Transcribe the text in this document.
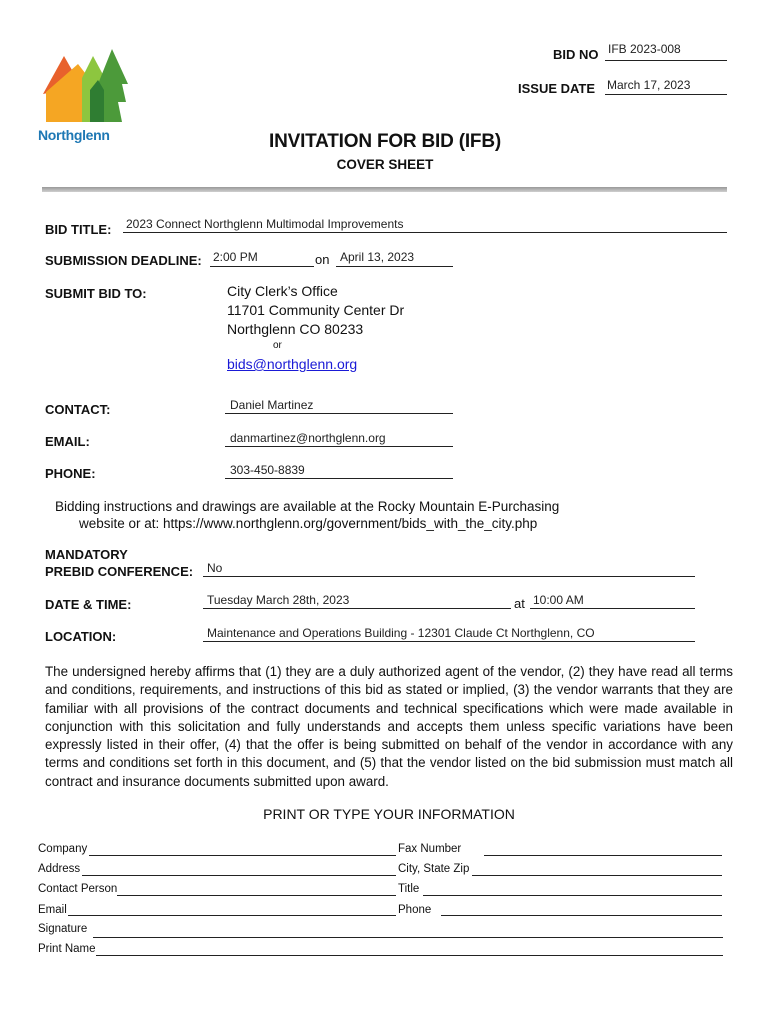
Northglenn
BID NO IFB 2023-008
ISSUE DATE March 17, 2023
INVITATION FOR BID (IFB)
COVER SHEET
BID TITLE: 2023 Connect Northglenn Multimodal Improvements
SUBMISSION DEADLINE: 2:00 PM	on April 13, 2023
SUBMIT BID TO:	City Clerk’s Office
11701 Community Center Dr
Northglenn CO 80233
or
bids@northglenn.org
CONTACT:	Daniel Martinez
EMAIL:	danmartinez@northglenn.org
PHONE:	303-450-8839
Bidding instructions and drawings are available at the Rocky Mountain E-Purchasing
website or at: https://www.northglenn.org/government/bids_with_the_city.php
MANDATORY
PREBID CONFERENCE: No
DATE & TIME:	Tuesday March 28th, 2023	at 10:00 AM
LOCATION:	Maintenance and Operations Building - 12301 Claude Ct Northglenn, CO
The undersigned hereby affirms that (1) they are a duly authorized agent of the vendor, (2) they have read all terms and conditions, requirements, and instructions of this bid as stated or implied, (3) the vendor warrants that they are familiar with all provisions of the contract documents and technical specifications which were made available in conjunction with this solicitation and fully understands and accepts them unless specific variations have been expressly listed in their offer, (4) that the offer is being submitted on behalf of the vendor in accordance with any terms and conditions set forth in this document, and (5) that the vendor listed on the bid submission must match all contract and insurance documents submitted upon award.
PRINT OR TYPE YOUR INFORMATION
Company	Fax Number
Address	City, State Zip
Contact Person	Title
Email	Phone
Signature
Print Name
